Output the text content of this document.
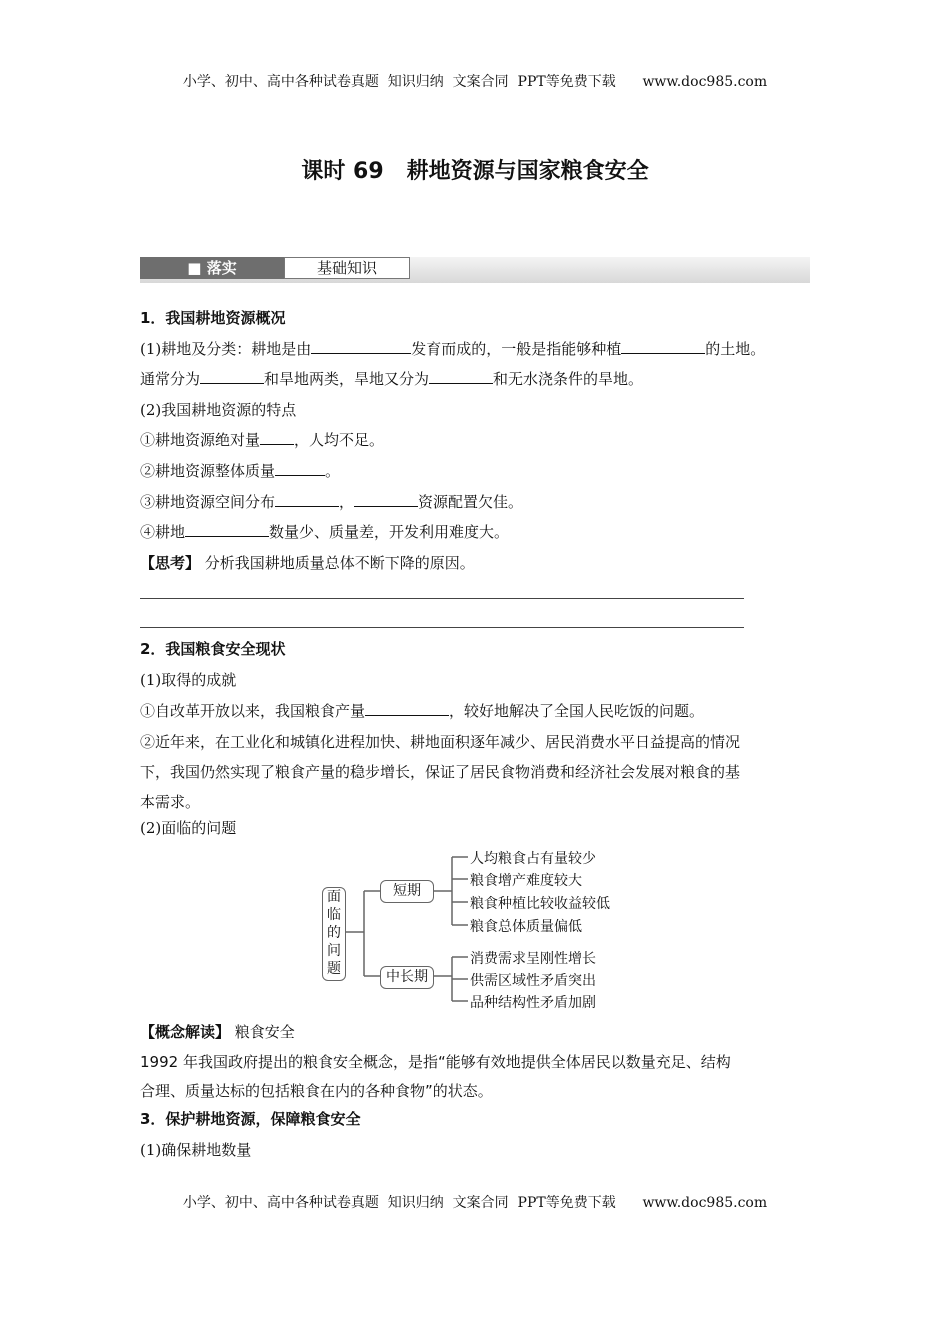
小学、初中、高中各种试卷真题  知识归纳  文案合同  PPT等免费下载      www.doc985.com
课时 69   耕地资源与国家粮食安全
■ 落实	基础知识
1．我国耕地资源概况
(1)耕地及分类：耕地是由	发育而成的，一般是指能够种植	的土地。
通常分为	和旱地两类，旱地又分为	和无水浇条件的旱地。
(2)我国耕地资源的特点
①耕地资源绝对量 ，人均不足。
②耕地资源整体质量	。
③耕地资源空间分布	，	资源配置欠佳。
④耕地	数量少、质量差，开发利用难度大。
【思考】 分析我国耕地质量总体不断下降的原因。
2．我国粮食安全现状
(1)取得的成就
①自改革开放以来，我国粮食产量	，较好地解决了全国人民吃饭的问题。
②近年来，在工业化和城镇化进程加快、耕地面积逐年减少、居民消费水平日益提高的情况
下，我国仍然实现了粮食产量的稳步增长，保证了居民食物消费和经济社会发展对粮食的基
本需求。
(2)面临的问题
面临的问题
短期
中长期
人均粮食占有量较少
粮食增产难度较大
粮食种植比较收益较低
粮食总体质量偏低
消费需求呈刚性增长
供需区域性矛盾突出
品种结构性矛盾加剧
【概念解读】 粮食安全
1992 年我国政府提出的粮食安全概念，是指“能够有效地提供全体居民以数量充足、结构
合理、质量达标的包括粮食在内的各种食物”的状态。
3．保护耕地资源，保障粮食安全
(1)确保耕地数量
小学、初中、高中各种试卷真题  知识归纳  文案合同  PPT等免费下载      www.doc985.com
